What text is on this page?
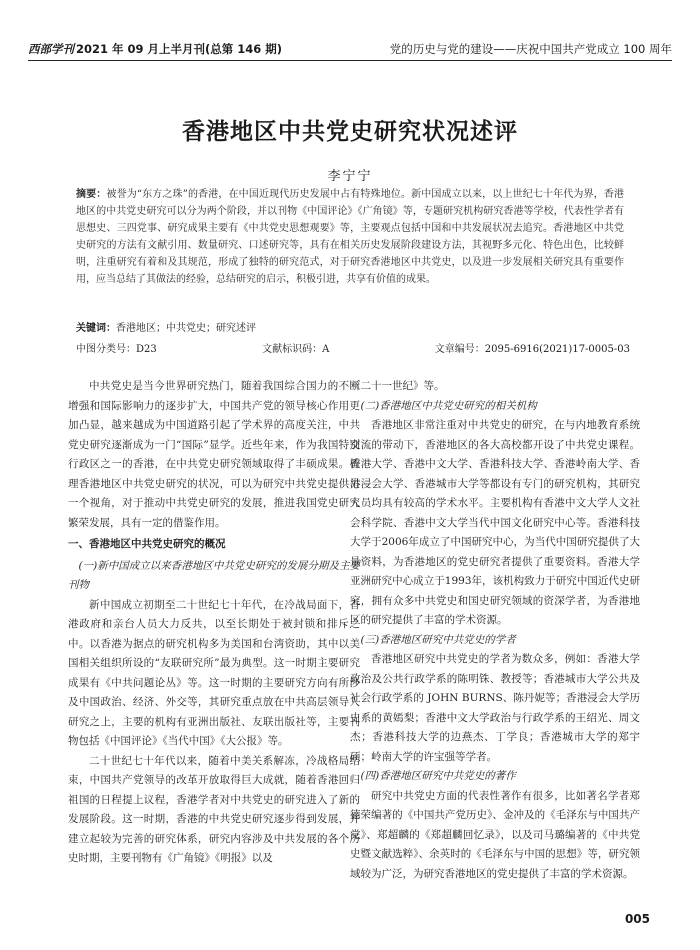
西部学刊 2021 年 09 月上半月刊(总第 146 期)	党的历史与党的建设——庆祝中国共产党成立 100 周年
香港地区中共党史研究状况述评
李宁宁
摘要：被誉为“东方之珠”的香港，在中国近现代历史发展中占有特殊地位。新中国成立以来，以上世纪七十年代为界，香港地区的中共党史研究可以分为两个阶段，并以刊物《中国评论》《广角镜》等，专题研究机构研究香港等学校，代表性学者有思想史、三四党事、研究成果主要有《中共党史思想观要》等，主要观点包括中国和中共发展状况去追究。香港地区中共党史研究的方法有文献引用、数量研究、口述研究等，具有在相关历史发展阶段建设方法，其视野多元化、特色出色，比较鲜明，注重研究有着和及其规范，形成了独特的研究范式，对于研究香港地区中共党史，以及进一步发展相关研究具有重要作用，应当总结了其做法的经验，总结研究的启示，积极引进，共享有价值的成果。
关键词：香港地区；中共党史；研究述评
中图分类号：D23	文献标识码：A	文章编号：2095-6916(2021)17-0005-03

中共党史是当今世界研究热门，随着我国综合国力的不断增强和国际影响力的逐步扩大，中国共产党的领导核心作用更加凸显，越来越成为中国道路引起了学术界的高度关注，中共党史研究逐渐成为一门“国际”显学。近些年来，作为我国特别行政区之一的香港，在中共党史研究领域取得了丰硕成果。梳理香港地区中共党史研究的状况，可以为研究中共党史提供另一个视角，对于推动中共党史研究的发展，推进我国党史研究繁荣发展，具有一定的借鉴作用。

一、香港地区中共党史研究的概况

(一)新中国成立以来香港地区中共党史研究的发展分期及主要刊物

新中国成立初期至二十世纪七十年代，在冷战局面下，香港政府和亲台人员大力反共，以至长期处于被封锁和排斥之中。以香港为据点的研究机构多为美国和台湾资助，其中以美国相关组织所设的“友联研究所”最为典型。这一时期主要研究成果有《中共问题论丛》等。这一时期的主要研究方向有所涉及中国政治、经济、外交等，其研究重点放在中共高层领导人研究之上，主要的机构有亚洲出版社、友联出版社等，主要刊物包括《中国评论》《当代中国》《大公报》等。

二十世纪七十年代以来，随着中美关系解冻，冷战格局结束，中国共产党领导的改革开放取得巨大成就，随着香港回归祖国的日程提上议程，香港学者对中共党史的研究进入了新的发展阶段。这一时期，香港的中共党史研究逐步得到发展，并建立起较为完善的研究体系，研究内容涉及中共发展的各个历史时期，主要刊物有《广角镜》《明报》以及

《二十一世纪》等。

(二)香港地区中共党史研究的相关机构

香港地区非常注重对中共党史的研究，在与内地教育系统交流的带动下，香港地区的各大高校都开设了中共党史课程。香港大学、香港中文大学、香港科技大学、香港岭南大学、香港浸会大学、香港城市大学等都设有专门的研究机构，其研究人员均具有较高的学术水平。主要机构有香港中文大学人文社会科学院、香港中文大学当代中国文化研究中心等。香港科技大学于2006年成立了中国研究中心，为当代中国研究提供了大量资料，为香港地区的党史研究者提供了重要资料。香港大学亚洲研究中心成立于1993年，该机构致力于研究中国近代史研究，拥有众多中共党史和国史研究领域的资深学者，为香港地区的研究提供了丰富的学术资源。

(三)香港地区研究中共党史的学者

香港地区研究中共党史的学者为数众多，例如：香港大学政治及公共行政学系的陈明铢、教授等；香港城市大学公共及社会行政学系的 JOHN BURNS、陈丹妮等；香港浸会大学历史系的黄嫣梨；香港中文大学政治与行政学系的王绍光、周文杰；香港科技大学的边燕杰、丁学良；香港城市大学的郑宇硕；岭南大学的许宝强等学者。

(四)香港地区研究中共党史的著作

研究中共党史方面的代表性著作有很多，比如著名学者郑德荣编著的《中国共产党历史》、金冲及的《毛泽东与中国共产党》、郑超麟的《郑超麟回忆录》，以及司马璐编著的《中共党史暨文献选粹》、余英时的《毛泽东与中国的思想》等，研究领域较为广泛，为研究香港地区的党史提供了丰富的学术资源。

005
